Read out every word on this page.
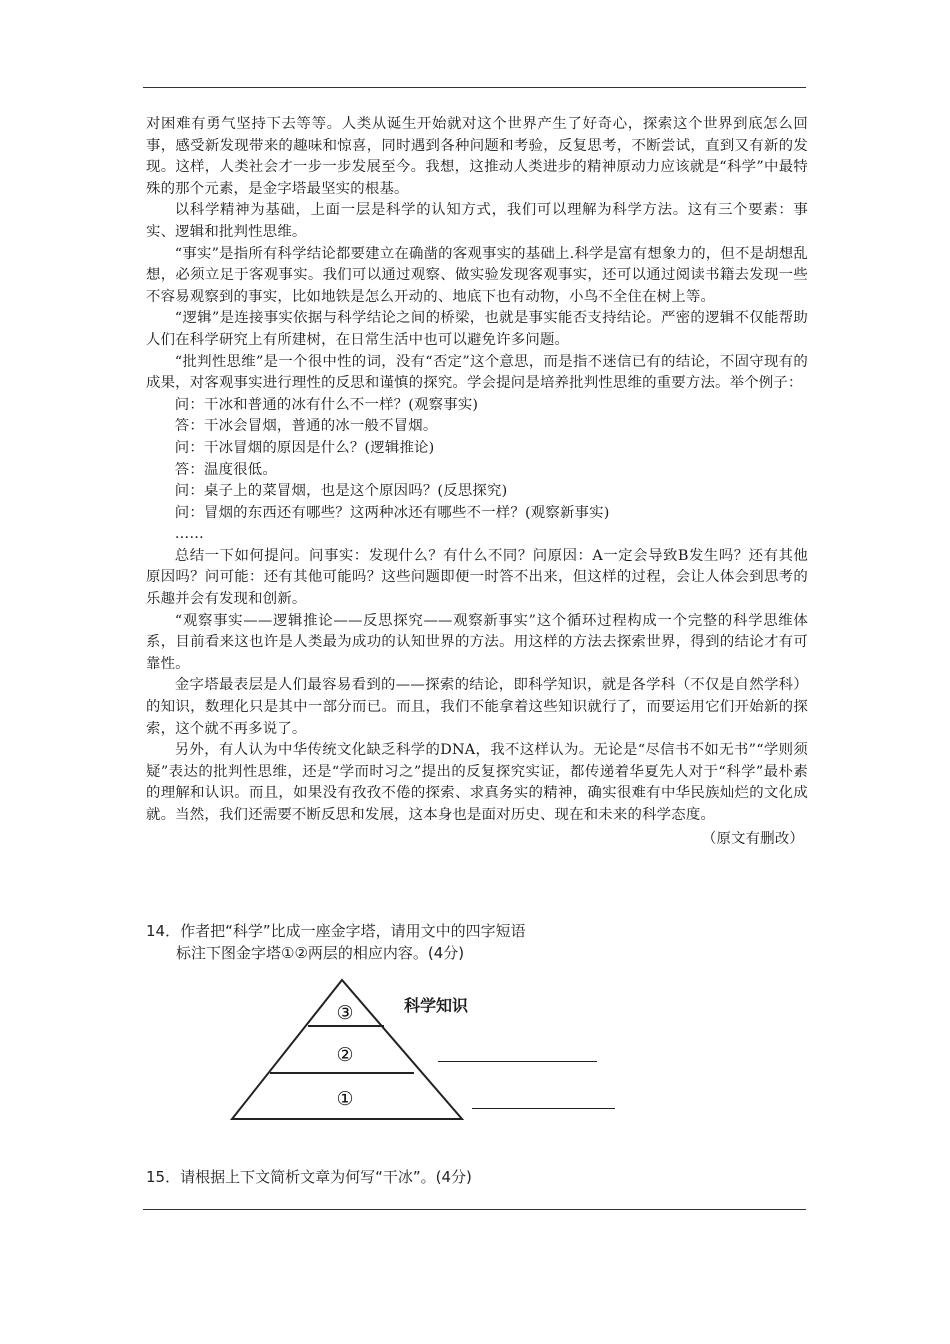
对困难有勇气坚持下去等等。人类从诞生开始就对这个世界产生了好奇心，探索这个世界到底怎么回事，感受新发现带来的趣味和惊喜，同时遇到各种问题和考验，反复思考，不断尝试，直到又有新的发现。这样，人类社会才一步一步发展至今。我想，这推动人类进步的精神原动力应该就是“科学”中最特殊的那个元素，是金字塔最坚实的根基。

以科学精神为基础，上面一层是科学的认知方式，我们可以理解为科学方法。这有三个要素：事实、逻辑和批判性思维。

“事实”是指所有科学结论都要建立在确凿的客观事实的基础上.科学是富有想象力的，但不是胡想乱想，必须立足于客观事实。我们可以通过观察、做实验发现客观事实，还可以通过阅读书籍去发现一些不容易观察到的事实，比如地铁是怎么开动的、地底下也有动物，小鸟不全住在树上等。

“逻辑”是连接事实依据与科学结论之间的桥梁，也就是事实能否支持结论。严密的逻辑不仅能帮助人们在科学研究上有所建树，在日常生活中也可以避免许多问题。

“批判性思维”是一个很中性的词，没有“否定”这个意思，而是指不迷信已有的结论，不固守现有的成果，对客观事实进行理性的反思和谨慎的探究。学会提问是培养批判性思维的重要方法。举个例子：

问：干冰和普通的冰有什么不一样？(观察事实)

答：干冰会冒烟，普通的冰一般不冒烟。

问：干冰冒烟的原因是什么？(逻辑推论)

答：温度很低。

问：桌子上的菜冒烟，也是这个原因吗？(反思探究)

问：冒烟的东西还有哪些？这两种冰还有哪些不一样？(观察新事实)

……

总结一下如何提问。问事实：发现什么？有什么不同？问原因：A一定会导致B发生吗？还有其他原因吗？问可能：还有其他可能吗？这些问题即便一时答不出来，但这样的过程，会让人体会到思考的乐趣并会有发现和创新。

“观察事实——逻辑推论——反思探究——观察新事实”这个循环过程构成一个完整的科学思维体系，目前看来这也许是人类最为成功的认知世界的方法。用这样的方法去探索世界，得到的结论才有可靠性。

金字塔最表层是人们最容易看到的——探索的结论，即科学知识，就是各学科（不仅是自然学科）的知识，数理化只是其中一部分而已。而且，我们不能拿着这些知识就行了，而要运用它们开始新的探索，这个就不再多说了。

另外，有人认为中华传统文化缺乏科学的DNA，我不这样认为。无论是“尽信书不如无书”“学则须疑”表达的批判性思维，还是“学而时习之”提出的反复探究实证，都传递着华夏先人对于“科学”最朴素的理解和认识。而且，如果没有孜孜不倦的探索、求真务实的精神，确实很难有中华民族灿烂的文化成就。当然，我们还需要不断反思和发展，这本身也是面对历史、现在和未来的科学态度。

（原文有删改）

14．作者把“科学”比成一座金字塔，请用文中的四字短语
标注下图金字塔①②两层的相应内容。(4分)
③
②
①
科学知识
15．请根据上下文简析文章为何写“干冰”。(4分)
